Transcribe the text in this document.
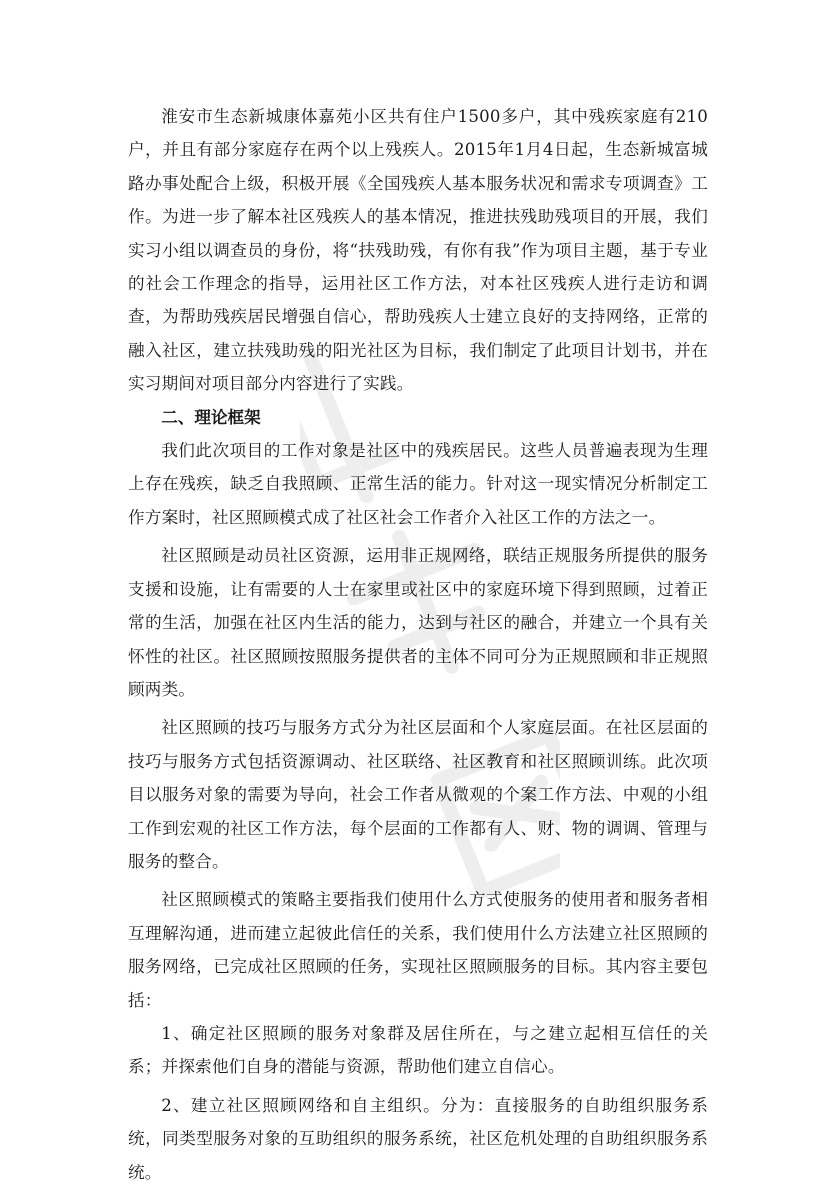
淮安市生态新城康体嘉苑小区共有住户1500多户，其中残疾家庭有210户，并且有部分家庭存在两个以上残疾人。2015年1月4日起，生态新城富城路办事处配合上级，积极开展《全国残疾人基本服务状况和需求专项调查》工作。为进一步了解本社区残疾人的基本情况，推进扶残助残项目的开展，我们实习小组以调查员的身份，将“扶残助残，有你有我”作为项目主题，基于专业的社会工作理念的指导，运用社区工作方法，对本社区残疾人进行走访和调查，为帮助残疾居民增强自信心，帮助残疾人士建立良好的支持网络，正常的融入社区，建立扶残助残的阳光社区为目标，我们制定了此项目计划书，并在实习期间对项目部分内容进行了实践。

二、理论框架

我们此次项目的工作对象是社区中的残疾居民。这些人员普遍表现为生理上存在残疾，缺乏自我照顾、正常生活的能力。针对这一现实情况分析制定工作方案时，社区照顾模式成了社区社会工作者介入社区工作的方法之一。

社区照顾是动员社区资源，运用非正规网络，联结正规服务所提供的服务支援和设施，让有需要的人士在家里或社区中的家庭环境下得到照顾，过着正常的生活，加强在社区内生活的能力，达到与社区的融合，并建立一个具有关怀性的社区。社区照顾按照服务提供者的主体不同可分为正规照顾和非正规照顾两类。

社区照顾的技巧与服务方式分为社区层面和个人家庭层面。在社区层面的技巧与服务方式包括资源调动、社区联络、社区教育和社区照顾训练。此次项目以服务对象的需要为导向，社会工作者从微观的个案工作方法、中观的小组工作到宏观的社区工作方法，每个层面的工作都有人、财、物的调调、管理与服务的整合。

社区照顾模式的策略主要指我们使用什么方式使服务的使用者和服务者相互理解沟通，进而建立起彼此信任的关系，我们使用什么方法建立社区照顾的服务网络，已完成社区照顾的任务，实现社区照顾服务的目标。其内容主要包括：

1、确定社区照顾的服务对象群及居住所在，与之建立起相互信任的关系；并探索他们自身的潜能与资源，帮助他们建立自信心。

2、建立社区照顾网络和自主组织。分为：直接服务的自助组织服务系统，同类型服务对象的互助组织的服务系统，社区危机处理的自助组织服务系统。
